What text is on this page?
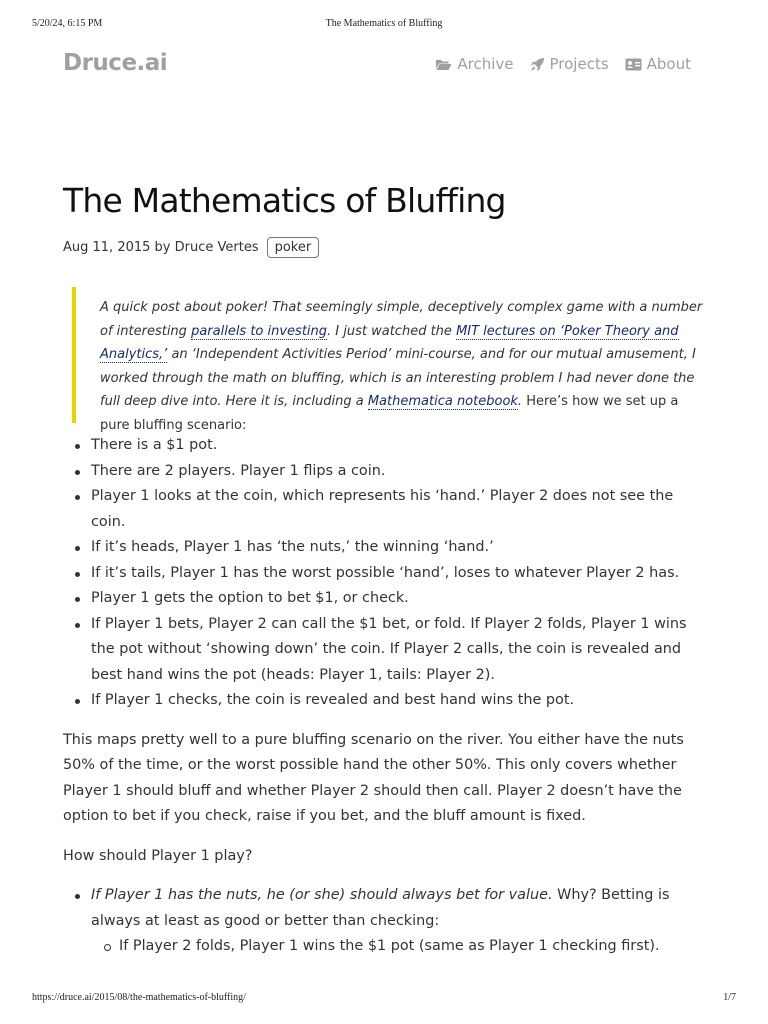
5/20/24, 6:15 PM	The Mathematics of Bluffing
Druce.ai	Archive Projects	About
The Mathematics of Bluffing
Aug 11, 2015 by Druce Vertes	poker
A quick post about poker! That seemingly simple, deceptively complex game with a number of interesting parallels to investing. I just watched the MIT lectures on ‘Poker Theory and Analytics,’ an ‘Independent Activities Period’ mini-course, and for our mutual amusement, I worked through the math on bluffing, which is an interesting problem I had never done the full deep dive into. Here it is, including a Mathematica notebook. Here’s how we set up a pure bluffing scenario:
There is a $1 pot.
There are 2 players. Player 1 flips a coin.
Player 1 looks at the coin, which represents his ‘hand.’ Player 2 does not see the coin.
If it’s heads, Player 1 has ‘the nuts,’ the winning ‘hand.’
If it’s tails, Player 1 has the worst possible ‘hand’, loses to whatever Player 2 has.
Player 1 gets the option to bet $1, or check.
If Player 1 bets, Player 2 can call the $1 bet, or fold. If Player 2 folds, Player 1 wins the pot without ‘showing down’ the coin. If Player 2 calls, the coin is revealed and best hand wins the pot (heads: Player 1, tails: Player 2).
If Player 1 checks, the coin is revealed and best hand wins the pot.

This maps pretty well to a pure bluffing scenario on the river. You either have the nuts 50% of the time, or the worst possible hand the other 50%. This only covers whether Player 1 should bluff and whether Player 2 should then call. Player 2 doesn’t have the option to bet if you check, raise if you bet, and the bluff amount is fixed.

How should Player 1 play?

If Player 1 has the nuts, he (or she) should always bet for value. Why? Betting is always at least as good or better than checking:
If Player 2 folds, Player 1 wins the $1 pot (same as Player 1 checking first).
https://druce.ai/2015/08/the-mathematics-of-bluffing/	1/7
